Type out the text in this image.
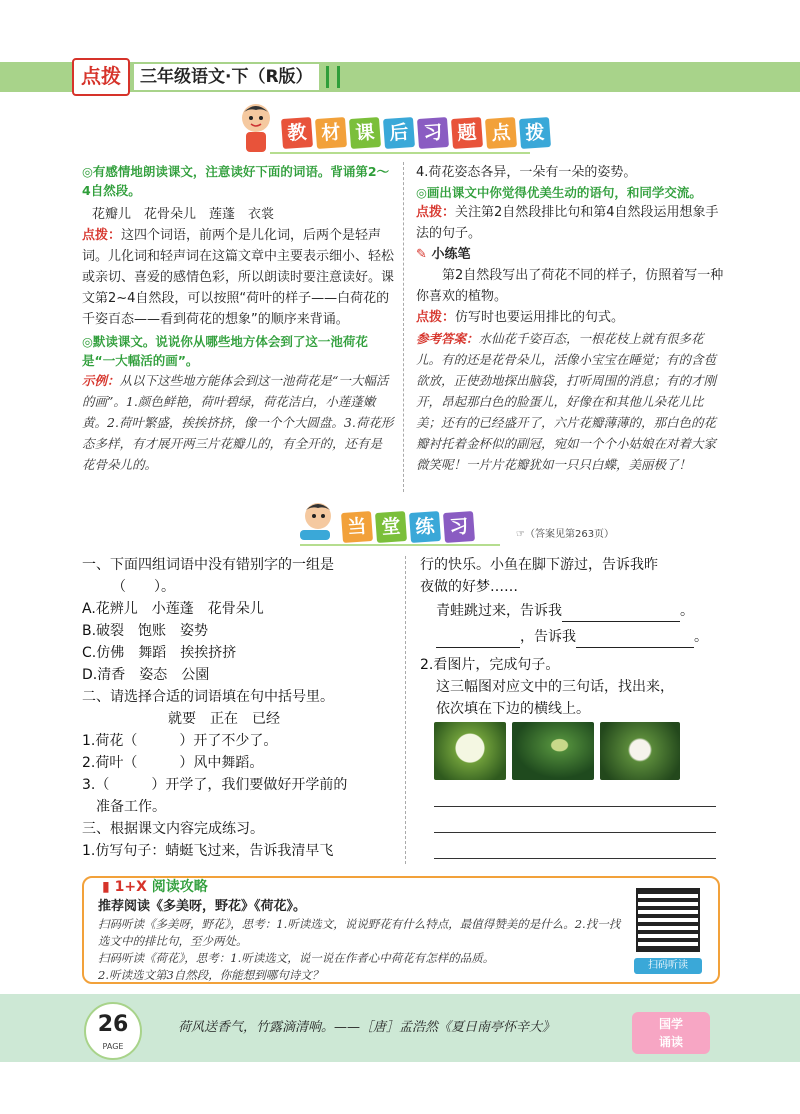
点拨	三年级语文·下（R版）
教 材 课 后 习 题 点 拨
◎有感情地朗读课文，注意读好下面的词语。背诵第2～4自然段。
花瓣儿　花骨朵儿　莲蓬　衣裳
点拨：这四个词语，前两个是儿化词，后两个是轻声词。儿化词和轻声词在这篇文章中主要表示细小、轻松或亲切、喜爱的感情色彩，所以朗读时要注意读好。课文第2~4自然段，可以按照“荷叶的样子——白荷花的千姿百态——看到荷花的想象”的顺序来背诵。
◎默读课文。说说你从哪些地方体会到了这一池荷花是“一大幅活的画”。
示例：从以下这些地方能体会到这一池荷花是“一大幅活的画”。1.颜色鲜艳，荷叶碧绿，荷花洁白，小莲蓬嫩黄。2.荷叶繁盛，挨挨挤挤，像一个个大圆盘。3.荷花形态多样，有才展开两三片花瓣儿的，有全开的，还有是花骨朵儿的。
4.荷花姿态各异，一朵有一朵的姿势。
◎画出课文中你觉得优美生动的语句，和同学交流。
点拨：关注第2自然段排比句和第4自然段运用想象手法的句子。
✎ 小练笔
第2自然段写出了荷花不同的样子，仿照着写一种你喜欢的植物。
点拨：仿写时也要运用排比的句式。
参考答案：水仙花千姿百态，一根花枝上就有很多花儿。有的还是花骨朵儿，活像小宝宝在睡觉；有的含苞欲放，正使劲地探出脑袋，打听周围的消息；有的才刚开，昂起那白色的脸蛋儿，好像在和其他儿朵花儿比美；还有的已经盛开了，六片花瓣薄薄的，那白色的花瓣衬托着金杯似的副冠，宛如一个个小姑娘在对着大家微笑呢！一片片花瓣犹如一只只白蝶，美丽极了！
当 堂 练 习	☞（答案见第263页）
一、下面四组词语中没有错别字的一组是
（　　）。
A.花辨儿　小莲蓬　花骨朵儿
B.破裂　饱账　姿势
C.仿佛　舞蹈　挨挨挤挤
D.清香　姿态　公園
二、请选择合适的词语填在句中括号里。
就要　正在　已经
1.荷花（　　　）开了不少了。
2.荷叶（　　　）风中舞蹈。
3.（　　　）开学了，我们要做好开学前的
准备工作。
三、根据课文内容完成练习。
1.仿写句子：蜻蜓飞过来，告诉我清早飞
行的快乐。小鱼在脚下游过，告诉我昨
夜做的好梦……
青蛙跳过来，告诉我	。
，告诉我	。
2.看图片，完成句子。
这三幅图对应文中的三句话，找出来，
依次填在下边的横线上。
▮ 1+X 阅读攻略
推荐阅读《多美呀，野花》《荷花》。
扫码听读《多美呀，野花》，思考：1.听读选文，说说野花有什么特点，最值得赞美的是什么。2.找一找选文中的排比句，至少两处。
扫码听读《荷花》，思考：1.听读选文，说一说在作者心中荷花有怎样的品质。
2.听读选文第3自然段，你能想到哪句诗文？
扫码听读
26
PAGE
荷风送香气，竹露滴清响。——［唐］孟浩然《夏日南亭怀辛大》	国学
诵读
